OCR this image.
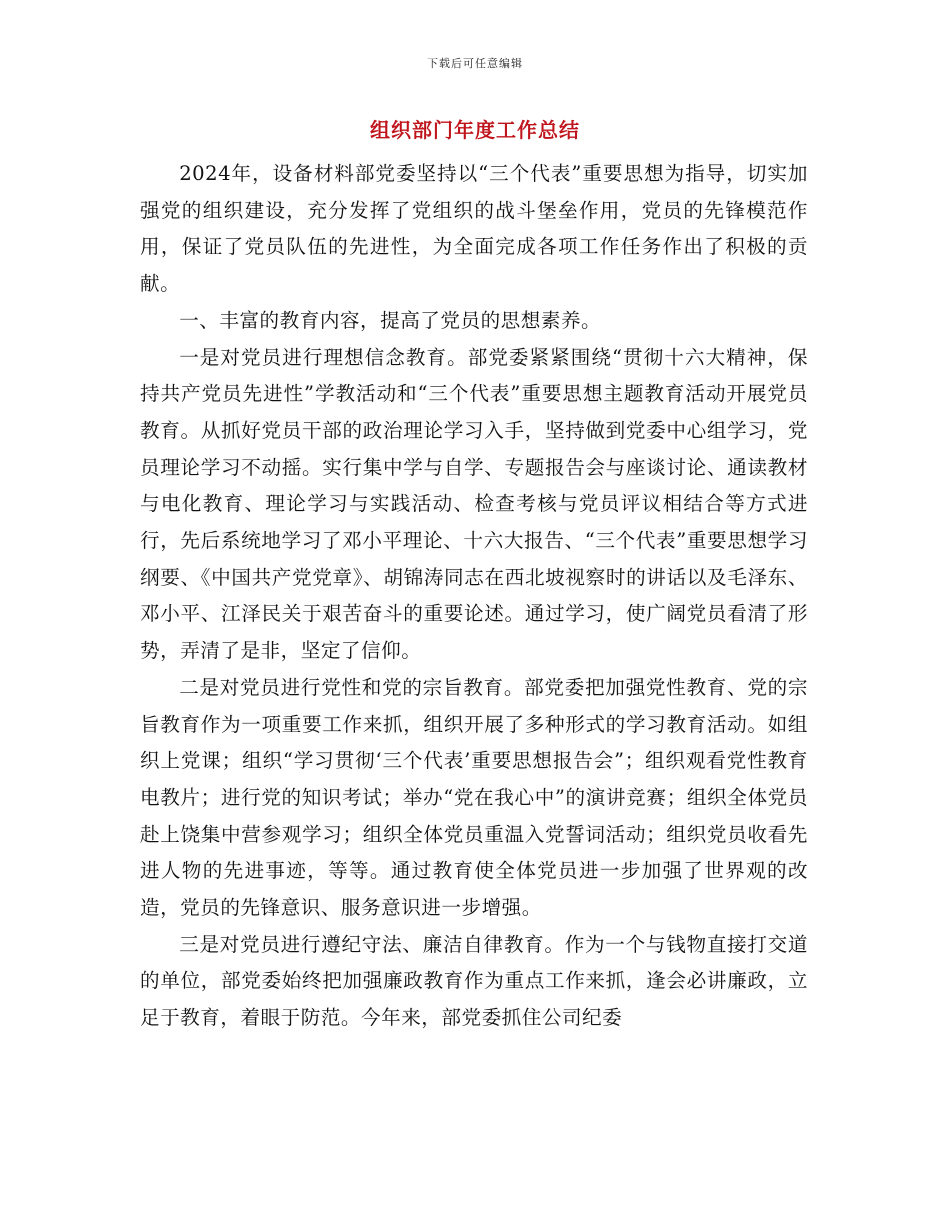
下载后可任意编辑
组织部门年度工作总结

2024年，设备材料部党委坚持以“三个代表”重要思想为指导，切实加强党的组织建设，充分发挥了党组织的战斗堡垒作用，党员的先锋模范作用，保证了党员队伍的先进性，为全面完成各项工作任务作出了积极的贡献。

一、丰富的教育内容，提高了党员的思想素养。

一是对党员进行理想信念教育。部党委紧紧围绕“贯彻十六大精神，保持共产党员先进性”学教活动和“三个代表”重要思想主题教育活动开展党员教育。从抓好党员干部的政治理论学习入手，坚持做到党委中心组学习，党员理论学习不动摇。实行集中学与自学、专题报告会与座谈讨论、通读教材与电化教育、理论学习与实践活动、检查考核与党员评议相结合等方式进行，先后系统地学习了邓小平理论、十六大报告、“三个代表”重要思想学习纲要、《中国共产党党章》、胡锦涛同志在西北坡视察时的讲话以及毛泽东、邓小平、江泽民关于艰苦奋斗的重要论述。通过学习，使广阔党员看清了形势，弄清了是非，坚定了信仰。

二是对党员进行党性和党的宗旨教育。部党委把加强党性教育、党的宗旨教育作为一项重要工作来抓，组织开展了多种形式的学习教育活动。如组织上党课；组织“学习贯彻‘三个代表’重要思想报告会”；组织观看党性教育电教片；进行党的知识考试；举办“党在我心中”的演讲竞赛；组织全体党员赴上饶集中营参观学习；组织全体党员重温入党誓词活动；组织党员收看先进人物的先进事迹，等等。通过教育使全体党员进一步加强了世界观的改造，党员的先锋意识、服务意识进一步增强。

三是对党员进行遵纪守法、廉洁自律教育。作为一个与钱物直接打交道的单位，部党委始终把加强廉政教育作为重点工作来抓，逢会必讲廉政，立足于教育，着眼于防范。今年来，部党委抓住公司纪委
